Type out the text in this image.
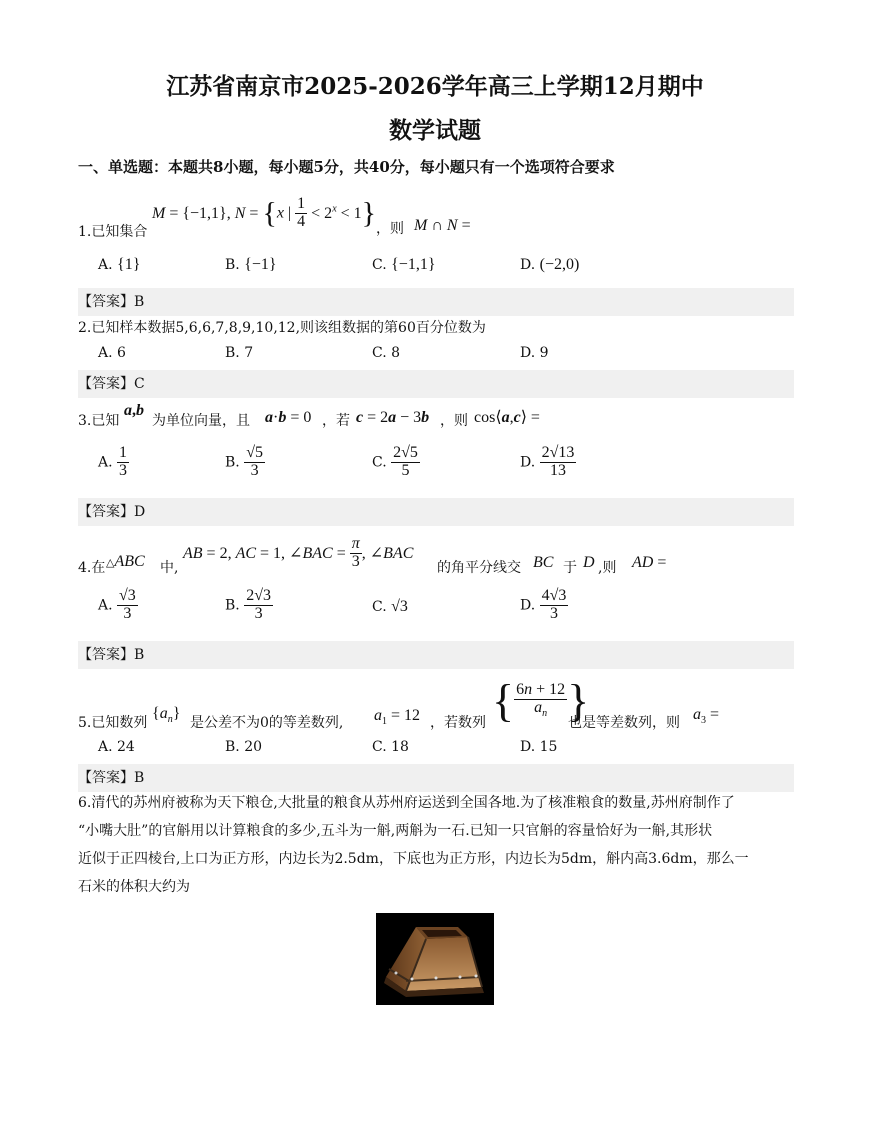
江苏省南京市2025-2026学年高三上学期12月期中
数学试题
一、单选题：本题共8小题，每小题5分，共40分，每小题只有一个选项符合要求
1.已知集合
M = {−1,1}, N = {x | $\frac{1}{4} < 2^x < 1$} ，则 M ∩ N =
A. {1}	B. {−1}	C. {−1,1}	D. (−2,0)
【答案】B
2.已知样本数据5,6,6,7,8,9,10,12,则该组数据的第60百分位数为
A. 6	B. 7	C. 8	D. 9
【答案】C
3.已知
a,b
为单位向量，且 a·b = 0 ，若 c = 2a − 3b ，则 cos⟨a,c⟩ =
A. $\frac{1}{3}$	B. $\frac{√5}{3}$	C. $\frac{2√5}{5}$	D. $\frac{2√13}{13}$
【答案】D
4.在 △ABC 中,
AB = 2, AC = 1, ∠BAC = $\frac{\pi}{3}$ , ∠BAC
的角平分线交 BC 于 D ,则 AD =
A. $\frac{√3}{3}$	B. $\frac{2√3}{3}$	C. √3	D. $\frac{4√3}{3}$
【答案】B
5.已知数列
$\{a_n\}$
是公差不为0的等差数列, $a_1 = 12$ ，若数列 { $\frac{6n + 12}{a_n}$ }
也是等差数列，则 $a_3$ =
A. 24	B. 20	C. 18	D. 15
【答案】B
6.清代的苏州府被称为天下粮仓,大批量的粮食从苏州府运送到全国各地.为了核准粮食的数量,苏州府制作了
“小嘴大肚”的官斛用以计算粮食的多少,五斗为一斛,两斛为一石.已知一只官斛的容量恰好为一斛,其形状
近似于正四棱台,上口为正方形，内边长为2.5dm，下底也为正方形，内边长为5dm，斛内高3.6dm，那么一
石米的体积大约为
